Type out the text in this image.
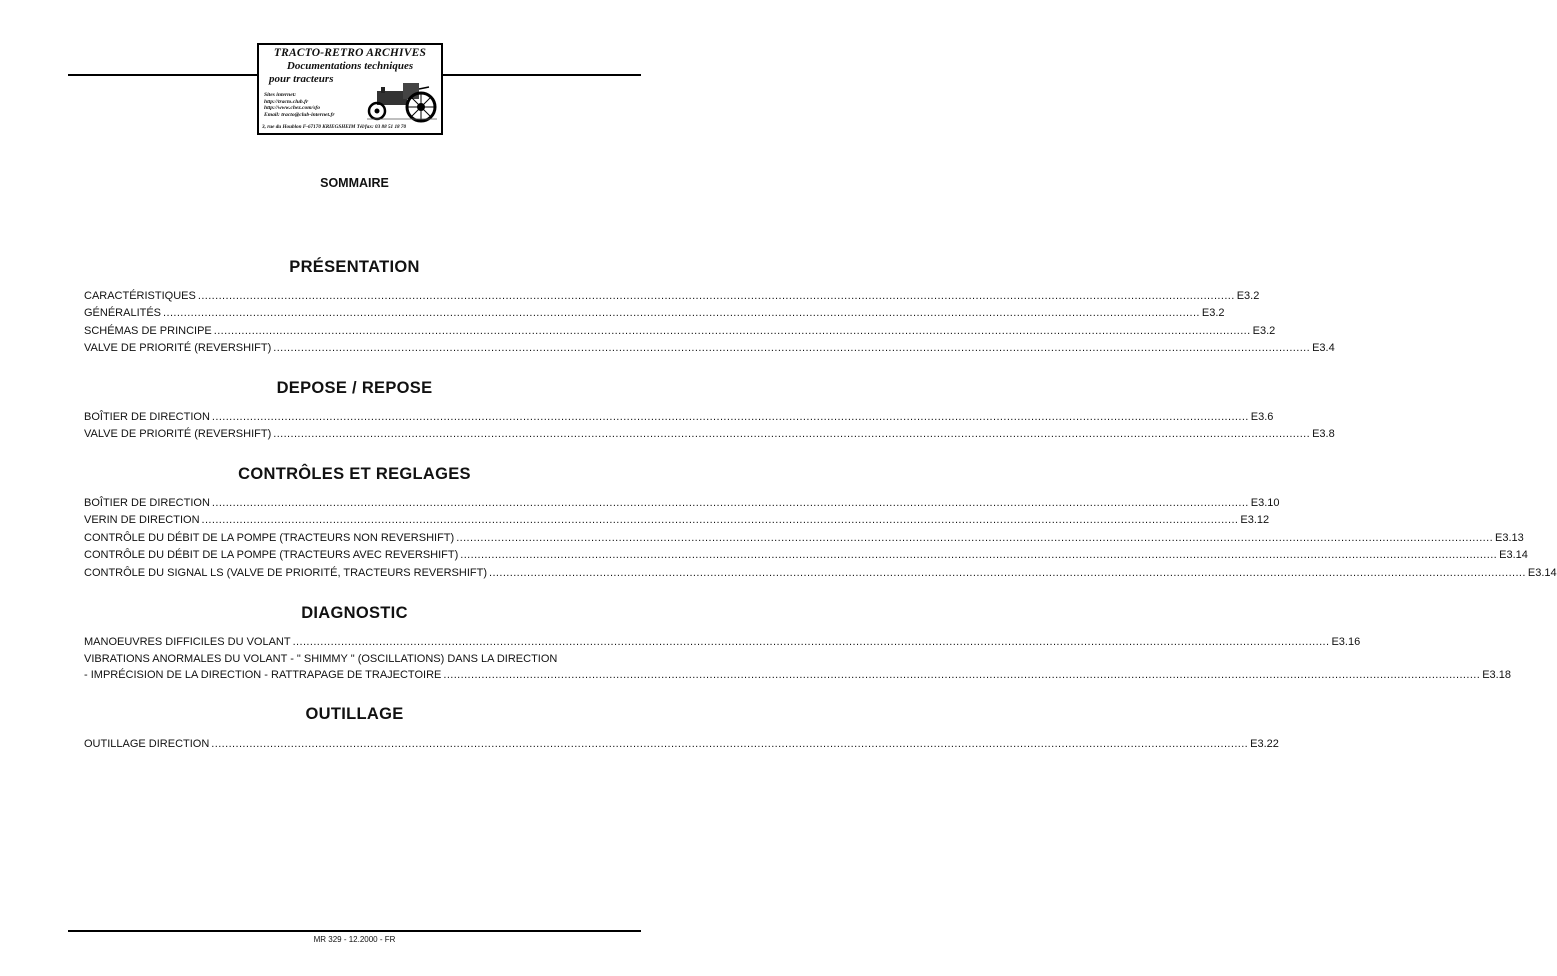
TRACTO-RETRO ARCHIVES
Documentations techniques
pour tracteurs
Sites internet:
http://tracto.club.fr
http://www.chez.com/sfo
Email: tracto@club-internet.fr
3, rue du Houblon F-67170 KRIEGSHEIM Tél/fax: 03 88 51 18 70
SOMMAIRE
PRÉSENTATION
CARACTÉRISTIQUES ............................................................................................................................................................................................................................................................................................................ E3.2
GÉNÉRALITÉS ............................................................................................................................................................................................................................................................................................................ E3.2
SCHÉMAS DE PRINCIPE ............................................................................................................................................................................................................................................................................................................ E3.2
VALVE DE PRIORITÉ (REVERSHIFT) ............................................................................................................................................................................................................................................................................................................ E3.4
DEPOSE / REPOSE
BOÎTIER DE DIRECTION ............................................................................................................................................................................................................................................................................................................ E3.6
VALVE DE PRIORITÉ (REVERSHIFT) ............................................................................................................................................................................................................................................................................................................ E3.8
CONTRÔLES ET REGLAGES
BOÎTIER DE DIRECTION ............................................................................................................................................................................................................................................................................................................ E3.10
VERIN DE DIRECTION ............................................................................................................................................................................................................................................................................................................ E3.12
CONTRÔLE DU DÉBIT DE LA POMPE (TRACTEURS NON REVERSHIFT) ............................................................................................................................................................................................................................................................................................................ E3.13
CONTRÔLE DU DÉBIT DE LA POMPE (TRACTEURS AVEC REVERSHIFT) ............................................................................................................................................................................................................................................................................................................ E3.14
CONTRÔLE DU SIGNAL LS (VALVE DE PRIORITÉ, TRACTEURS REVERSHIFT) ............................................................................................................................................................................................................................................................................................................ E3.14
DIAGNOSTIC
MANOEUVRES DIFFICILES DU VOLANT ............................................................................................................................................................................................................................................................................................................ E3.16
VIBRATIONS ANORMALES DU VOLANT - " SHIMMY " (OSCILLATIONS) DANS LA DIRECTION
- IMPRÉCISION DE LA DIRECTION - RATTRAPAGE DE TRAJECTOIRE ............................................................................................................................................................................................................................................................................................................ E3.18
OUTILLAGE
OUTILLAGE DIRECTION ............................................................................................................................................................................................................................................................................................................ E3.22
MR 329 - 12.2000 - FR
